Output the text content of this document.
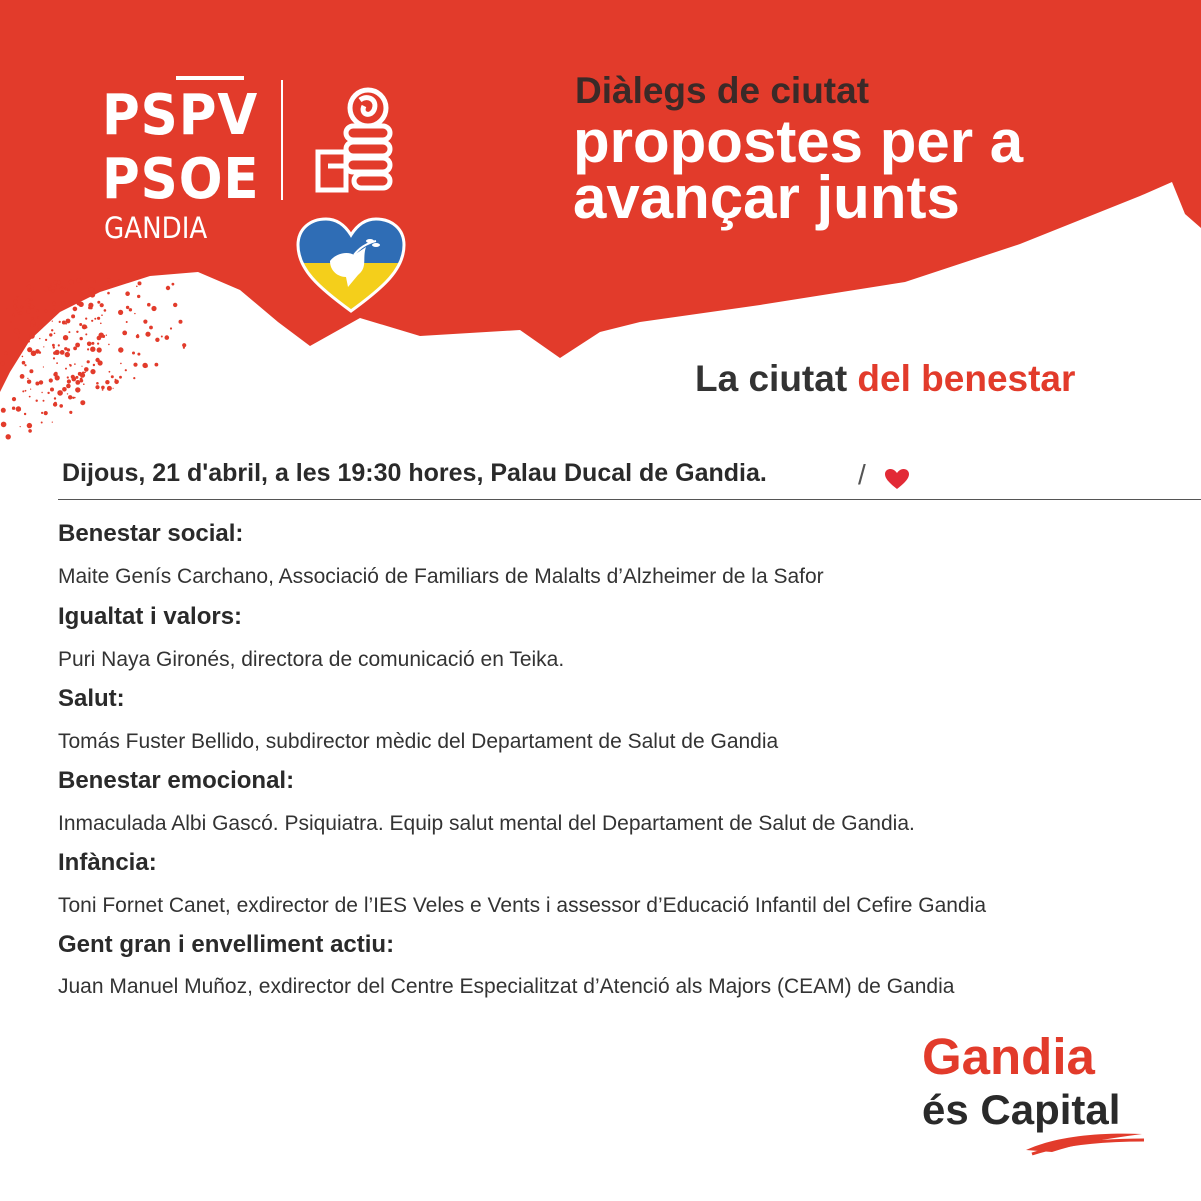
PSPV
PSOE
GANDIA
Diàlegs de ciutat
propostes per a
avançar junts
La ciutat del benestar
Dijous, 21 d'abril, a les 19:30 hores, Palau Ducal de Gandia.	/
Benestar social:
Maite Genís Carchano, Associació de Familiars de Malalts d’Alzheimer de la Safor
Igualtat i valors:
Puri Naya Gironés, directora de comunicació en Teika.
Salut:
Tomás Fuster Bellido, subdirector mèdic del Departament de Salut de Gandia
Benestar emocional:
Inmaculada Albi Gascó. Psiquiatra. Equip salut mental del Departament de Salut de Gandia.
Infància:
Toni Fornet Canet, exdirector de l’IES Veles e Vents i assessor d’Educació Infantil del Cefire Gandia
Gent gran i envelliment actiu:
Juan Manuel Muñoz, exdirector del Centre Especialitzat d’Atenció als Majors (CEAM) de Gandia
Gandia
és Capital
